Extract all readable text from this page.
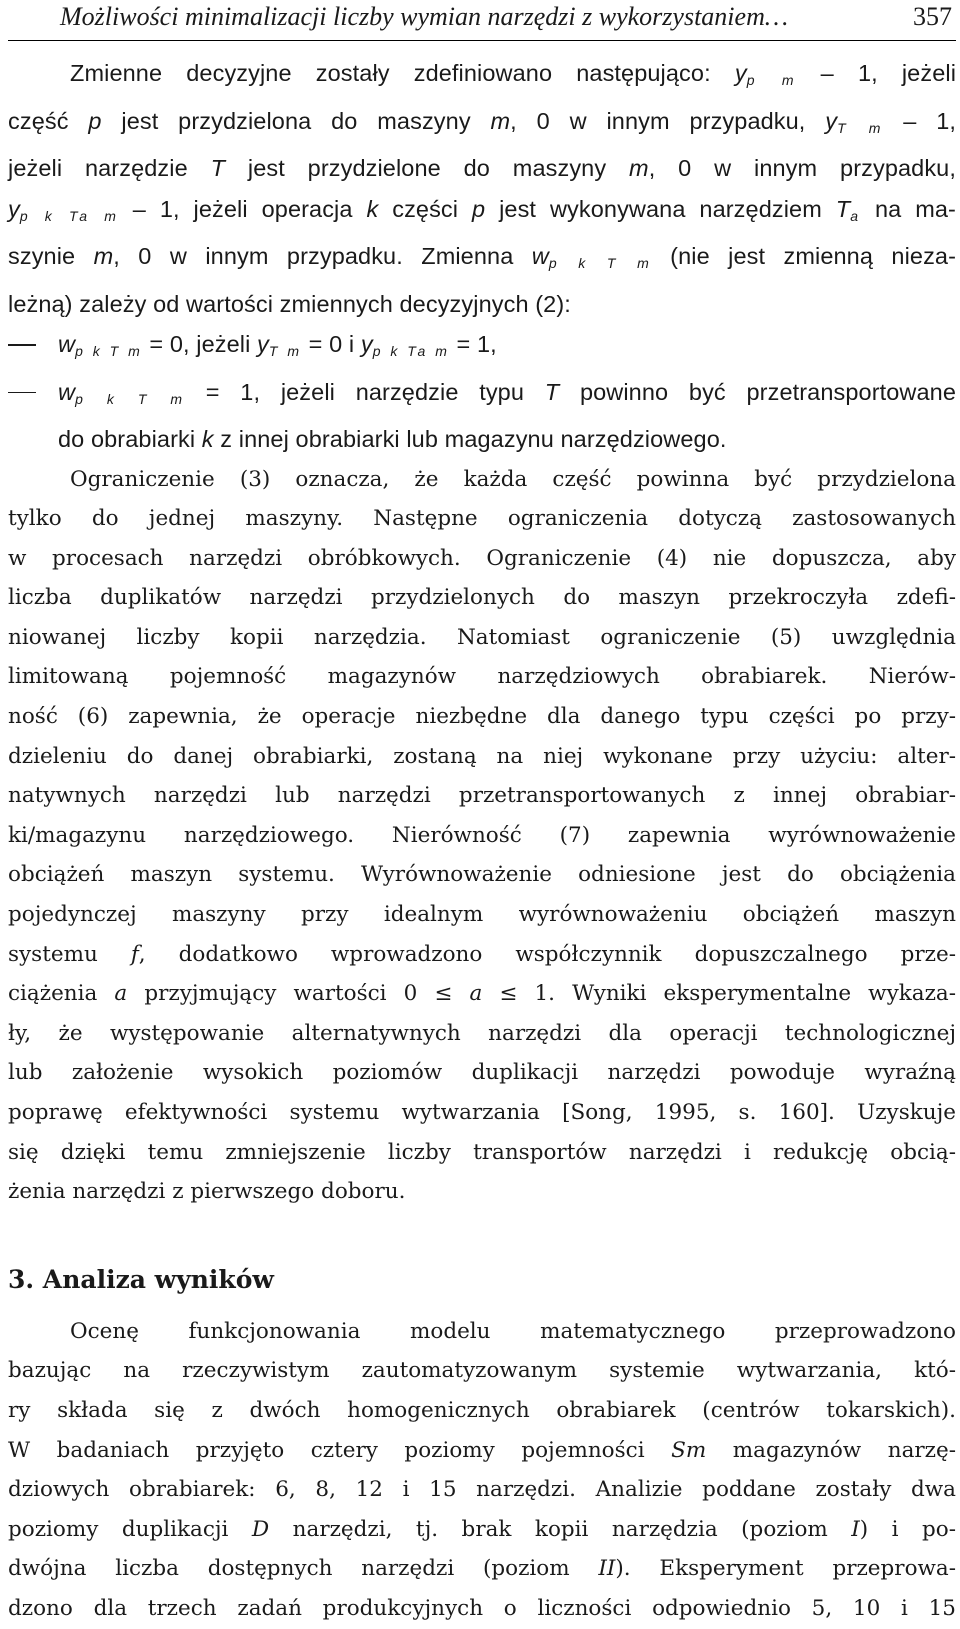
Możliwości minimalizacji liczby wymian narzędzi z wykorzystaniem…	357
Zmienne decyzyjne zostały zdefiniowano następująco: $y_{p m} - 1$, jeżeli
część p jest przydzielona do maszyny m, 0 w innym przypadku, $y_{T m} - 1$,
jeżeli narzędzie T jest przydzielone do maszyny m, 0 w innym przypadku,
$y_{p k Ta m} - 1$, jeżeli operacja k części p jest wykonywana narzędziem $T_a$ na ma-
szynie m, 0 w innym przypadku. Zmienna $w_{p k T m}$ (nie jest zmienną nieza-
leżną) zależy od wartości zmiennych decyzyjnych (2):
$w_{p k T m} = 0$, jeżeli $y_{T m} = 0$ i $y_{p k Ta m} = 1$,
$w_{p k T m} = 1$, jeżeli narzędzie typu T powinno być przetransportowane
do obrabiarki k z innej obrabiarki lub magazynu narzędziowego.
Ograniczenie (3) oznacza, że każda część powinna być przydzielona
tylko do jednej maszyny. Następne ograniczenia dotyczą zastosowanych
w procesach narzędzi obróbkowych. Ograniczenie (4) nie dopuszcza, aby
liczba duplikatów narzędzi przydzielonych do maszyn przekroczyła zdefi-
niowanej liczby kopii narzędzia. Natomiast ograniczenie (5) uwzględnia
limitowaną pojemność magazynów narzędziowych obrabiarek. Nierów-
ność (6) zapewnia, że operacje niezbędne dla danego typu części po przy-
dzieleniu do danej obrabiarki, zostaną na niej wykonane przy użyciu: alter-
natywnych narzędzi lub narzędzi przetransportowanych z innej obrabiar-
ki/magazynu narzędziowego. Nierówność (7) zapewnia wyrównoważenie
obciążeń maszyn systemu. Wyrównoważenie odniesione jest do obciążenia
pojedynczej maszyny przy idealnym wyrównoważeniu obciążeń maszyn
systemu f, dodatkowo wprowadzono współczynnik dopuszczalnego prze-
ciążenia a przyjmujący wartości 0 ≤ a ≤ 1. Wyniki eksperymentalne wykaza-
ły, że występowanie alternatywnych narzędzi dla operacji technologicznej
lub założenie wysokich poziomów duplikacji narzędzi powoduje wyraźną
poprawę efektywności systemu wytwarzania [Song, 1995, s. 160]. Uzyskuje
się dzięki temu zmniejszenie liczby transportów narzędzi i redukcję obcią-
żenia narzędzi z pierwszego doboru.
3. Analiza wyników
Ocenę funkcjonowania modelu matematycznego przeprowadzono
bazując na rzeczywistym zautomatyzowanym systemie wytwarzania, któ-
ry składa się z dwóch homogenicznych obrabiarek (centrów tokarskich).
W badaniach przyjęto cztery poziomy pojemności Sm magazynów narzę-
dziowych obrabiarek: 6, 8, 12 i 15 narzędzi. Analizie poddane zostały dwa
poziomy duplikacji D narzędzi, tj. brak kopii narzędzia (poziom I) i po-
dwójna liczba dostępnych narzędzi (poziom II). Eksperyment przeprowa-
dzono dla trzech zadań produkcyjnych o liczności odpowiednio 5, 10 i 15
